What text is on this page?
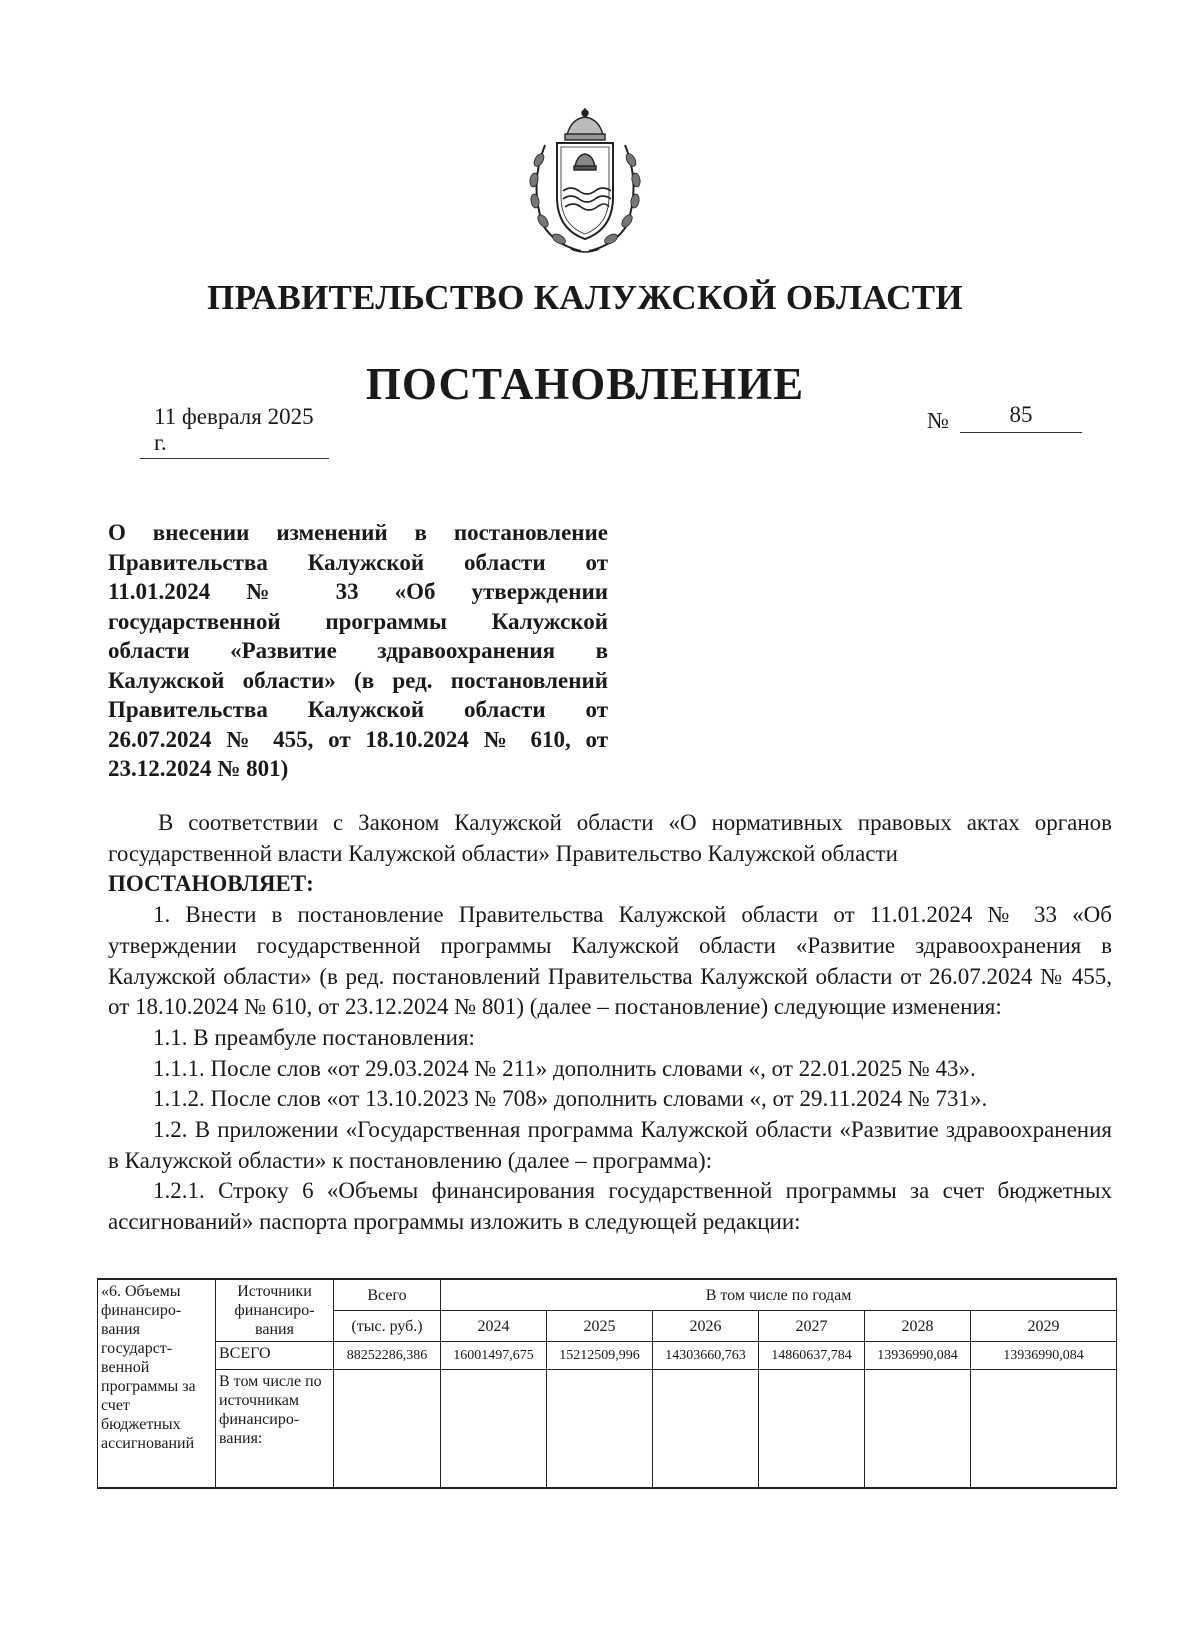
ПРАВИТЕЛЬСТВО КАЛУЖСКОЙ ОБЛАСТИ
ПОСТАНОВЛЕНИЕ
11 февраля 2025 г.
№	85
О внесении изменений в постановление Правительства Калужской области от 11.01.2024 № 33 «Об утверждении государственной программы Калужской области «Развитие здравоохранения в Калужской области» (в ред. постановлений Правительства Калужской области от 26.07.2024 № 455, от 18.10.2024 № 610, от 23.12.2024 № 801)

В соответствии с Законом Калужской области «О нормативных правовых актах органов государственной власти Калужской области» Правительство Калужской области

ПОСТАНОВЛЯЕТ:

1. Внести в постановление Правительства Калужской области от 11.01.2024 № 33 «Об утверждении государственной программы Калужской области «Развитие здравоохранения в Калужской области» (в ред. постановлений Правительства Калужской области от 26.07.2024 № 455, от 18.10.2024 № 610, от 23.12.2024 № 801) (далее – постановление) следующие изменения:

1.1. В преамбуле постановления:

1.1.1. После слов «от 29.03.2024 № 211» дополнить словами «, от 22.01.2025 № 43».

1.1.2. После слов «от 13.10.2023 № 708» дополнить словами «, от 29.11.2024 № 731».

1.2. В приложении «Государственная программа Калужской области «Развитие здравоохранения в Калужской области» к постановлению (далее – программа):

1.2.1. Строку 6 «Объемы финансирования государственной программы за счет бюджетных ассигнований» паспорта программы изложить в следующей редакции:

«6. Объемы финансиро-вания государст-венной программы за счет бюджетных ассигнований	Источники финансиро-вания	Всего	В том числе по годам					
		(тыс. руб.)	2024	2025	2026	2027	2028	2029
	ВСЕГО	88252286,386	16001497,675	15212509,996	14303660,763	14860637,784	13936990,084	13936990,084
	В том числе по источникам финансиро-вания:							
